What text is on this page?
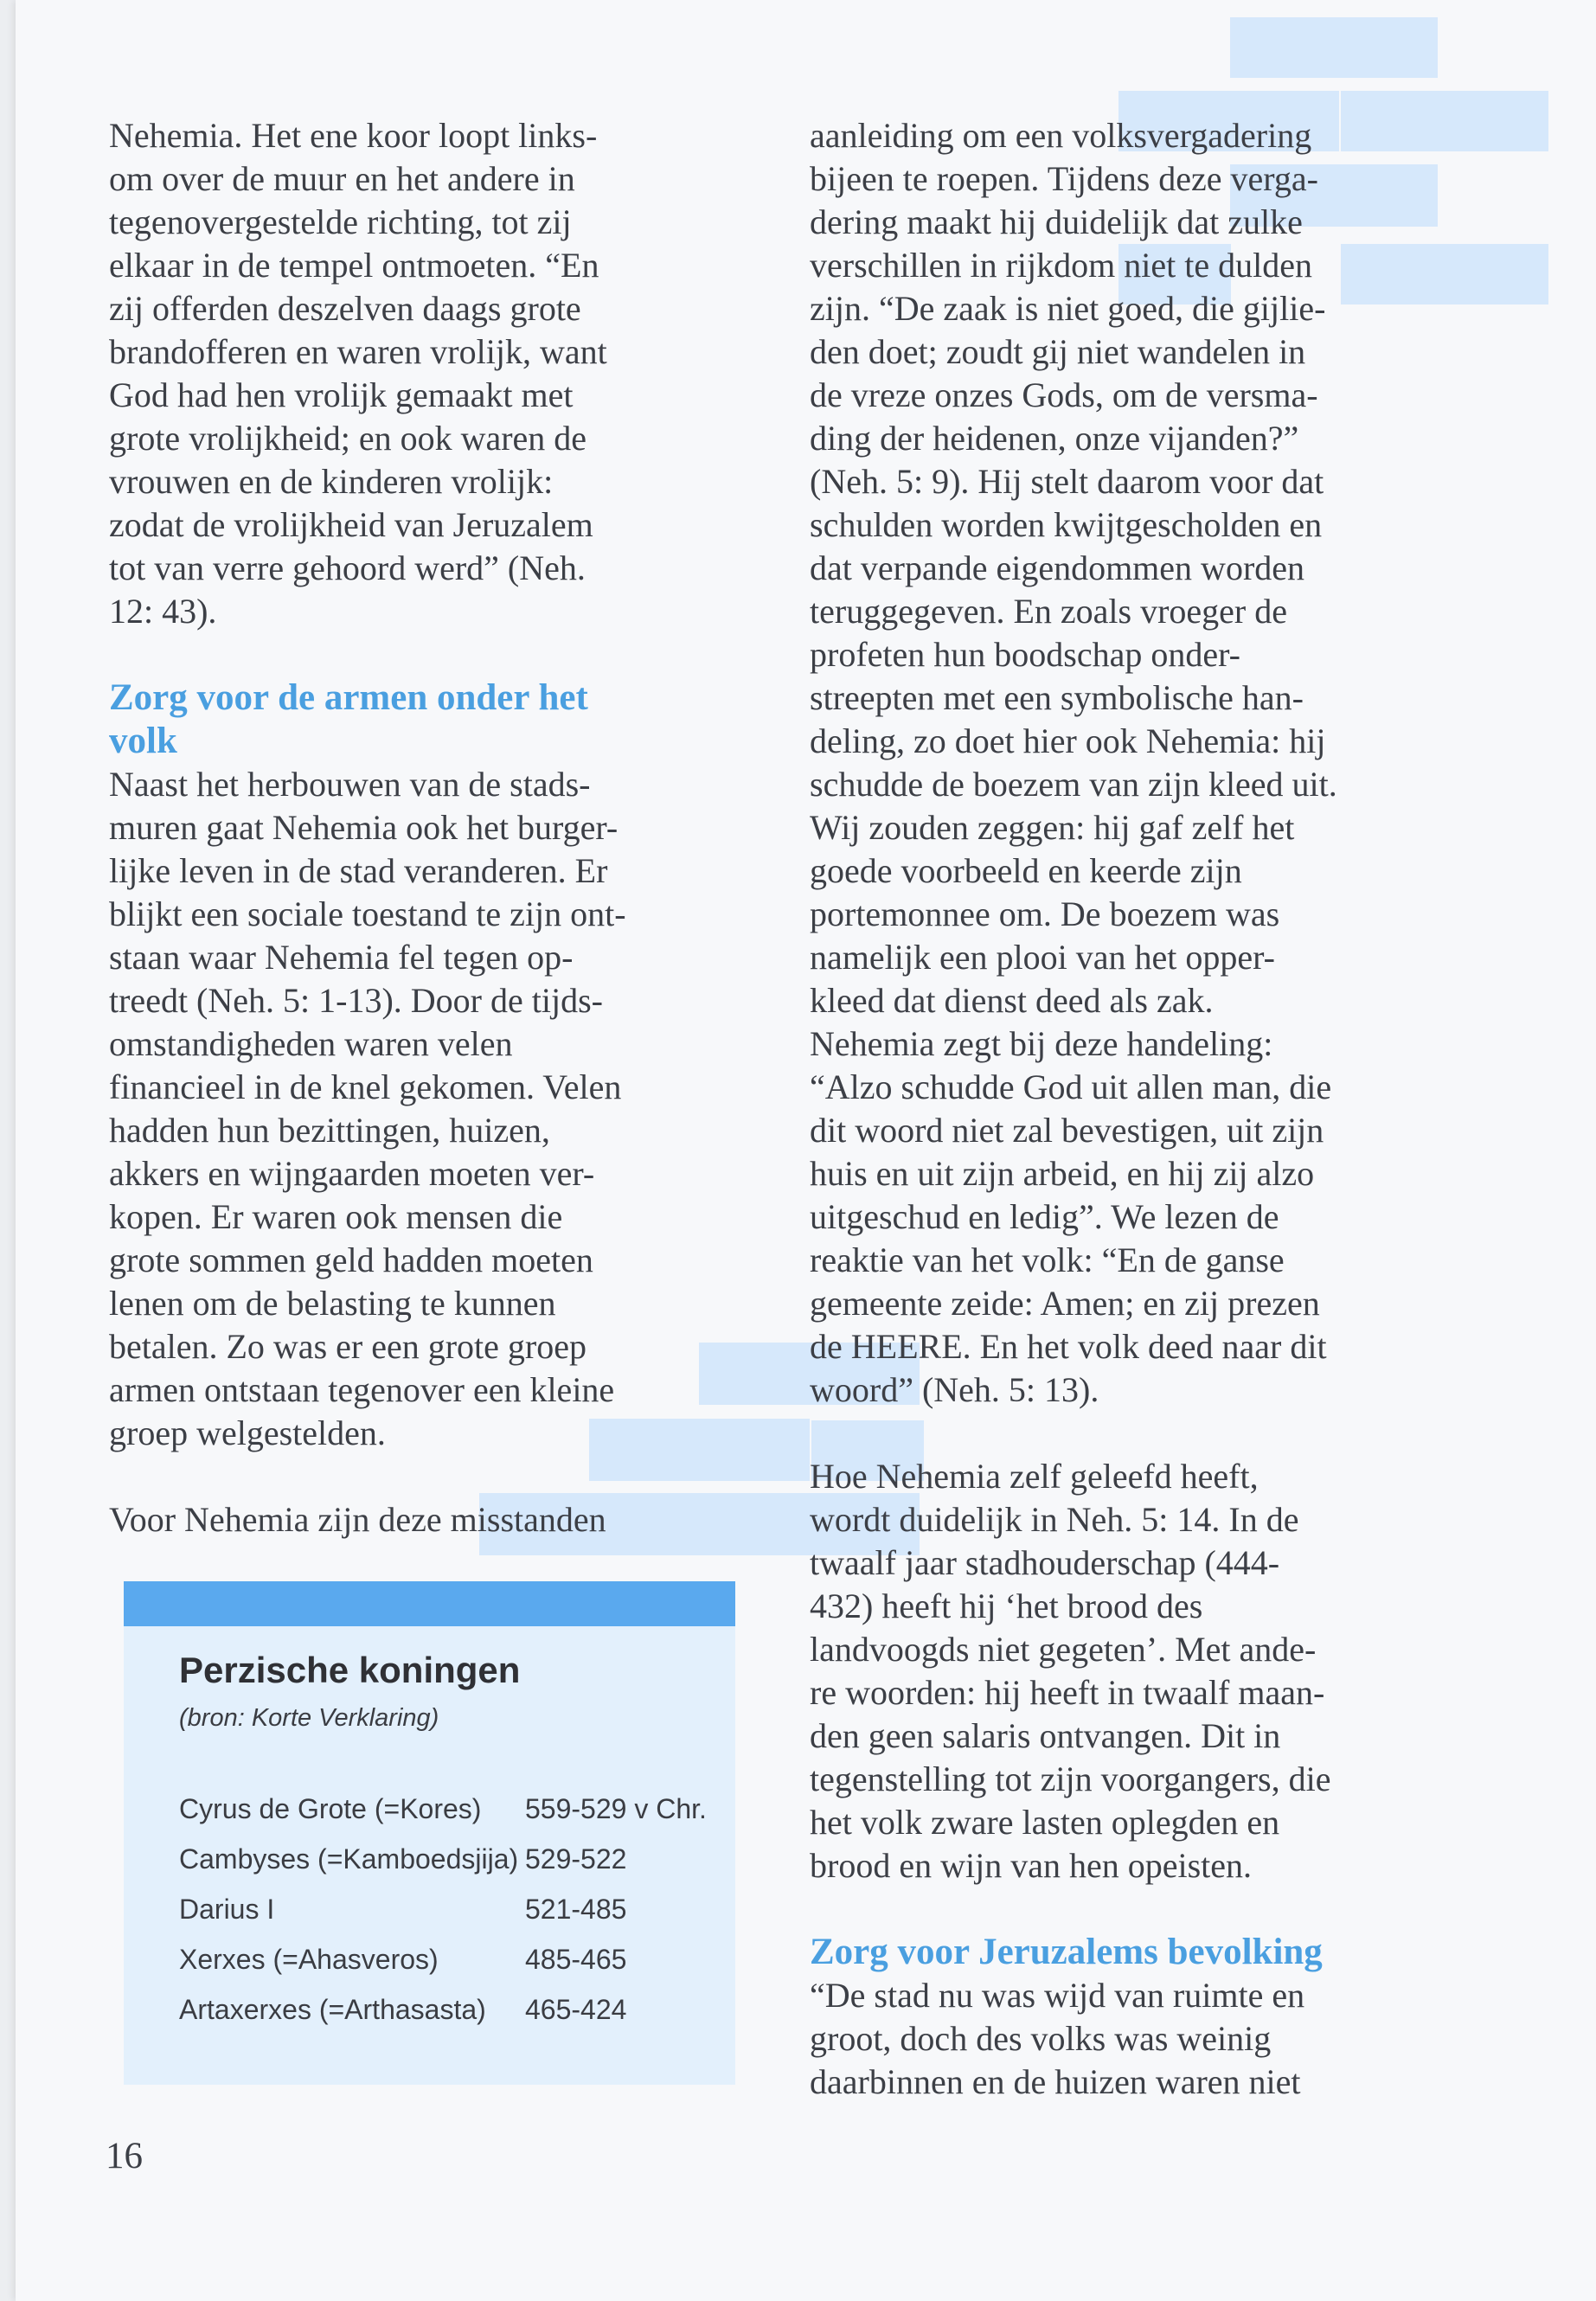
Nehemia. Het ene koor loopt links-
om over de muur en het andere in
tegenovergestelde richting, tot zij
elkaar in de tempel ontmoeten. “En
zij offerden deszelven daags grote
brandofferen en waren vrolijk, want
God had hen vrolijk gemaakt met
grote vrolijkheid; en ook waren de
vrouwen en de kinderen vrolijk:
zodat de vrolijkheid van Jeruzalem
tot van verre gehoord werd” (Neh.
12: 43).
Zorg voor de armen onder het
volk
Naast het herbouwen van de stads-
muren gaat Nehemia ook het burger-
lijke leven in de stad veranderen. Er
blijkt een sociale toestand te zijn ont-
staan waar Nehemia fel tegen op-
treedt (Neh. 5: 1-13). Door de tijds-
omstandigheden waren velen
financieel in de knel gekomen. Velen
hadden hun bezittingen, huizen,
akkers en wijngaarden moeten ver-
kopen. Er waren ook mensen die
grote sommen geld hadden moeten
lenen om de belasting te kunnen
betalen. Zo was er een grote groep
armen ontstaan tegenover een kleine
groep welgestelden.
Voor Nehemia zijn deze misstanden
aanleiding om een volksvergadering
bijeen te roepen. Tijdens deze verga-
dering maakt hij duidelijk dat zulke
verschillen in rijkdom niet te dulden
zijn. “De zaak is niet goed, die gijlie-
den doet; zoudt gij niet wandelen in
de vreze onzes Gods, om de versma-
ding der heidenen, onze vijanden?”
(Neh. 5: 9). Hij stelt daarom voor dat
schulden worden kwijtgescholden en
dat verpande eigendommen worden
teruggegeven. En zoals vroeger de
profeten hun boodschap onder-
streepten met een symbolische han-
deling, zo doet hier ook Nehemia: hij
schudde de boezem van zijn kleed uit.
Wij zouden zeggen: hij gaf zelf het
goede voorbeeld en keerde zijn
portemonnee om. De boezem was
namelijk een plooi van het opper-
kleed dat dienst deed als zak.
Nehemia zegt bij deze handeling:
“Alzo schudde God uit allen man, die
dit woord niet zal bevestigen, uit zijn
huis en uit zijn arbeid, en hij zij alzo
uitgeschud en ledig”. We lezen de
reaktie van het volk: “En de ganse
gemeente zeide: Amen; en zij prezen
de HEERE. En het volk deed naar dit
woord” (Neh. 5: 13).
Hoe Nehemia zelf geleefd heeft,
wordt duidelijk in Neh. 5: 14. In de
twaalf jaar stadhouderschap (444-
432) heeft hij ‘het brood des
landvoogds niet gegeten’. Met ande-
re woorden: hij heeft in twaalf maan-
den geen salaris ontvangen. Dit in
tegenstelling tot zijn voorgangers, die
het volk zware lasten oplegden en
brood en wijn van hen opeisten.
Zorg voor Jeruzalems bevolking
“De stad nu was wijd van ruimte en
groot, doch des volks was weinig
daarbinnen en de huizen waren niet
Perzische koningen
(bron: Korte Verklaring)
Cyrus de Grote (=Kores)	559-529 v Chr.
Cambyses (=Kamboedsjija) 529-522
Darius I	521-485
Xerxes (=Ahasveros)	485-465
Artaxerxes (=Arthasasta)	465-424
16
